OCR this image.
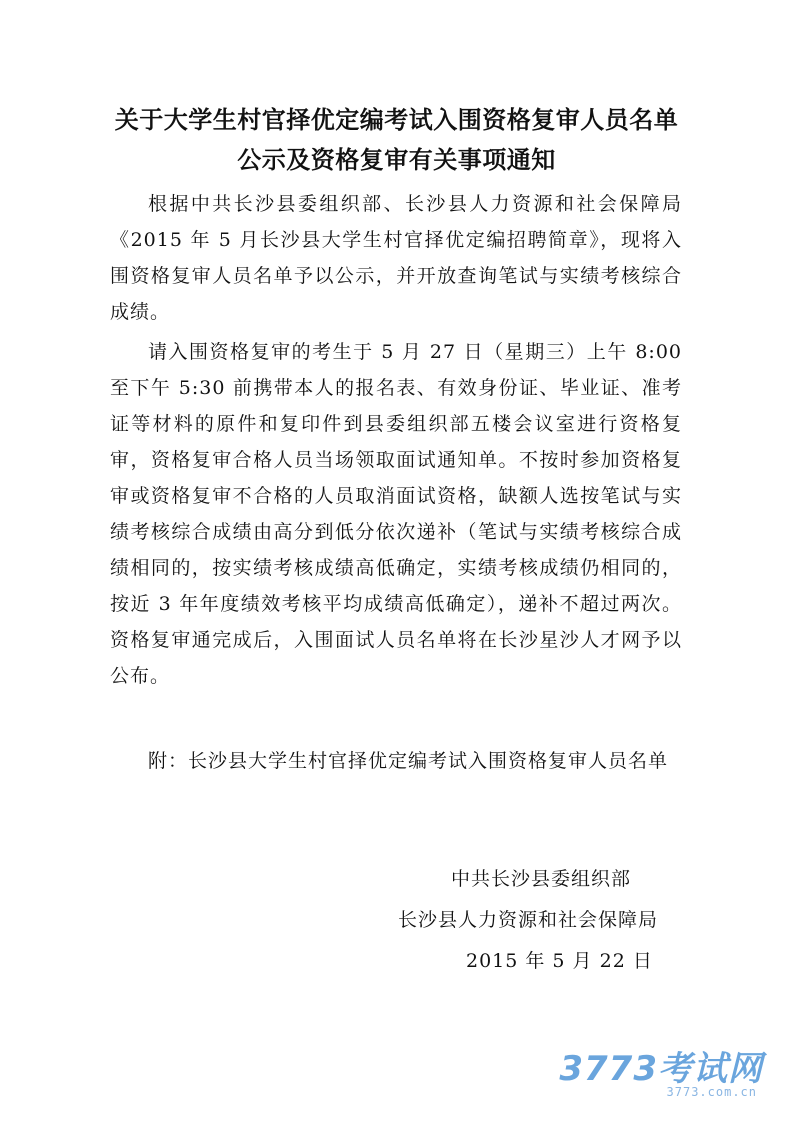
关于大学生村官择优定编考试入围资格复审人员名单
公示及资格复审有关事项通知

根据中共长沙县委组织部、长沙县人力资源和社会保障局《2015 年 5 月长沙县大学生村官择优定编招聘简章》，现将入围资格复审人员名单予以公示，并开放查询笔试与实绩考核综合成绩。

请入围资格复审的考生于 5 月 27 日（星期三）上午 8:00 至下午 5:30 前携带本人的报名表、有效身份证、毕业证、准考证等材料的原件和复印件到县委组织部五楼会议室进行资格复审，资格复审合格人员当场领取面试通知单。不按时参加资格复审或资格复审不合格的人员取消面试资格，缺额人选按笔试与实绩考核综合成绩由高分到低分依次递补（笔试与实绩考核综合成绩相同的，按实绩考核成绩高低确定，实绩考核成绩仍相同的，按近 3 年年度绩效考核平均成绩高低确定），递补不超过两次。资格复审通完成后，入围面试人员名单将在长沙星沙人才网予以公布。

附：长沙县大学生村官择优定编考试入围资格复审人员名单

中共长沙县委组织部
长沙县人力资源和社会保障局
2015 年 5 月 22 日
3773考试网
3773.com.cn
